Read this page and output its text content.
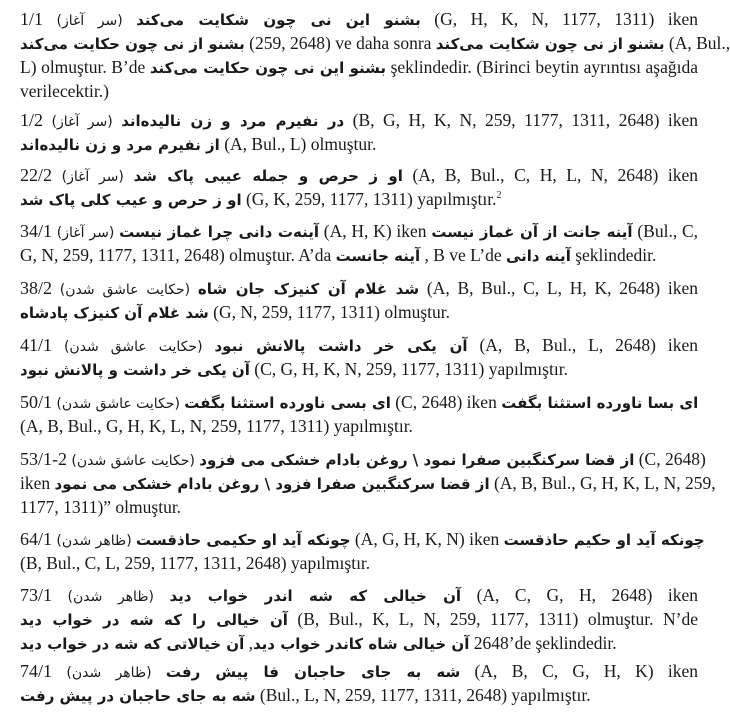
1/1 (سر آغاز) بشنو این نی چون شکایت می‌کند (G, H, K, N, 1177, 1311) iken
بشنو از نی چون حکایت می‌کند (259, 2648) ve daha sonra بشنو از نی چون شکایت می‌کند (A, Bul.,
L) olmuştur. B’de بشنو این نی چون حکایت می‌کند şeklindedir. (Birinci beytin ayrıntısı aşağıda
verilecektir.)
1/2 (سر آغاز) در نفیرم مرد و زن نالیده‌اند (B, G, H, K, N, 259, 1177, 1311, 2648) iken
از نفیرم مرد و زن نالیده‌اند (A, Bul., L) olmuştur.
22/2 (سر آغاز) او ز حرص و جمله عیبی پاک شد (A, B, Bul., C, H, L, N, 2648) iken
او ز حرص و عیب کلی پاک شد (G, K, 259, 1177, 1311) yapılmıştır.$^2$
34/1 (سر آغاز) آینه‌ت دانی چرا غماز نیست (A, H, K) iken آینه جانت از آن غماز نیست (Bul., C,
G, N, 259, 1177, 1311, 2648) olmuştur. A’da آینه جانست , B ve L’de آینه دانی şeklindedir.
38/2 (حکایت عاشق شدن) شد غلام آن کنیزک جان شاه (A, B, Bul., C, L, H, K, 2648) iken
شد غلام آن کنیزک پادشاه (G, N, 259, 1177, 1311) olmuştur.
41/1 (حکایت عاشق شدن) آن یکی خر داشت پالانش نبود (A, B, Bul., L, 2648) iken
آن یکی خر داشت و پالانش نبود (C, G, H, K, N, 259, 1177, 1311) yapılmıştır.
50/1 (حکایت عاشق شدن) ای بسی ناورده استثنا بگفت (C, 2648) iken ای بسا ناورده استثنا بگفت
(A, B, Bul., G, H, K, L, N, 259, 1177, 1311) yapılmıştır.
53/1-2 (حکایت عاشق شدن) از قضا سرکنگبین صفرا نمود \ روغن بادام خشکی می فزود (C, 2648)
iken از قضا سرکنگبین صفرا فزود \ روغن بادام خشکی می نمود (A, B, Bul., G, H, K, L, N, 259,
1177, 1311)” olmuştur.
64/1 (ظاهر شدن) چونکه آید او حکیمی حاذقست (A, G, H, K, N) iken چونکه آید او حکیم حاذقست
(B, Bul., C, L, 259, 1177, 1311, 2648) yapılmıştır.
73/1 (ظاهر شدن) آن خیالی که شه اندر خواب دید (A, C, G, H, 2648) iken
آن خیالی را که شه در خواب دید (B, Bul., K, L, N, 259, 1177, 1311) olmuştur. N’de
آن خیالاتی که شه در خواب دید ,آن خیالی شاه کاندر خواب دید 2648’de şeklindedir.
74/1 (ظاهر شدن) شه به جای حاجبان فا پیش رفت (A, B, C, G, H, K) iken
شه به جای حاجبان در پیش رفت (Bul., L, N, 259, 1177, 1311, 2648) yapılmıştır.
